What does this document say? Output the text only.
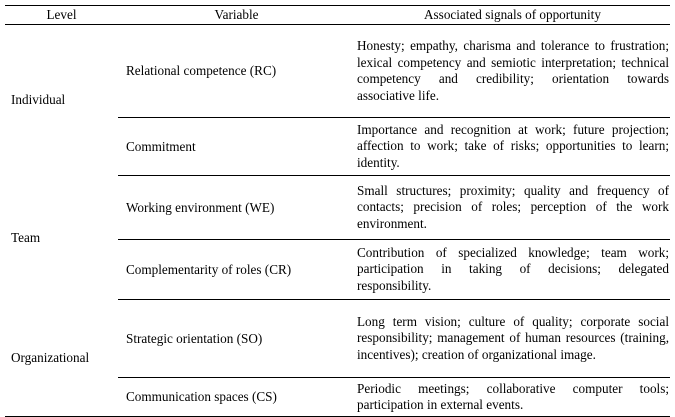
Level	Variable	Associated signals of opportunity
Individual	Relational competence (RC)	Honesty; empathy, charisma and tolerance to frustration; lexical competency and semiotic interpretation; technical competency and credibility; orientation towards associative life.
	Commitment	Importance and recognition at work; future projection; affection to work; take of risks; opportunities to learn; identity.
Team	Working environment (WE)	Small structures; proximity; quality and frequency of contacts; precision of roles; perception of the work environment.
	Complementarity of roles (CR)	Contribution of specialized knowledge; team work; participation in taking of decisions; delegated responsibility.
Organizational	Strategic orientation (SO)	Long term vision; culture of quality; corporate social responsibility; management of human resources (training, incentives); creation of organizational image.
	Communication spaces (CS)	Periodic meetings; collaborative computer tools; participation in external events.
